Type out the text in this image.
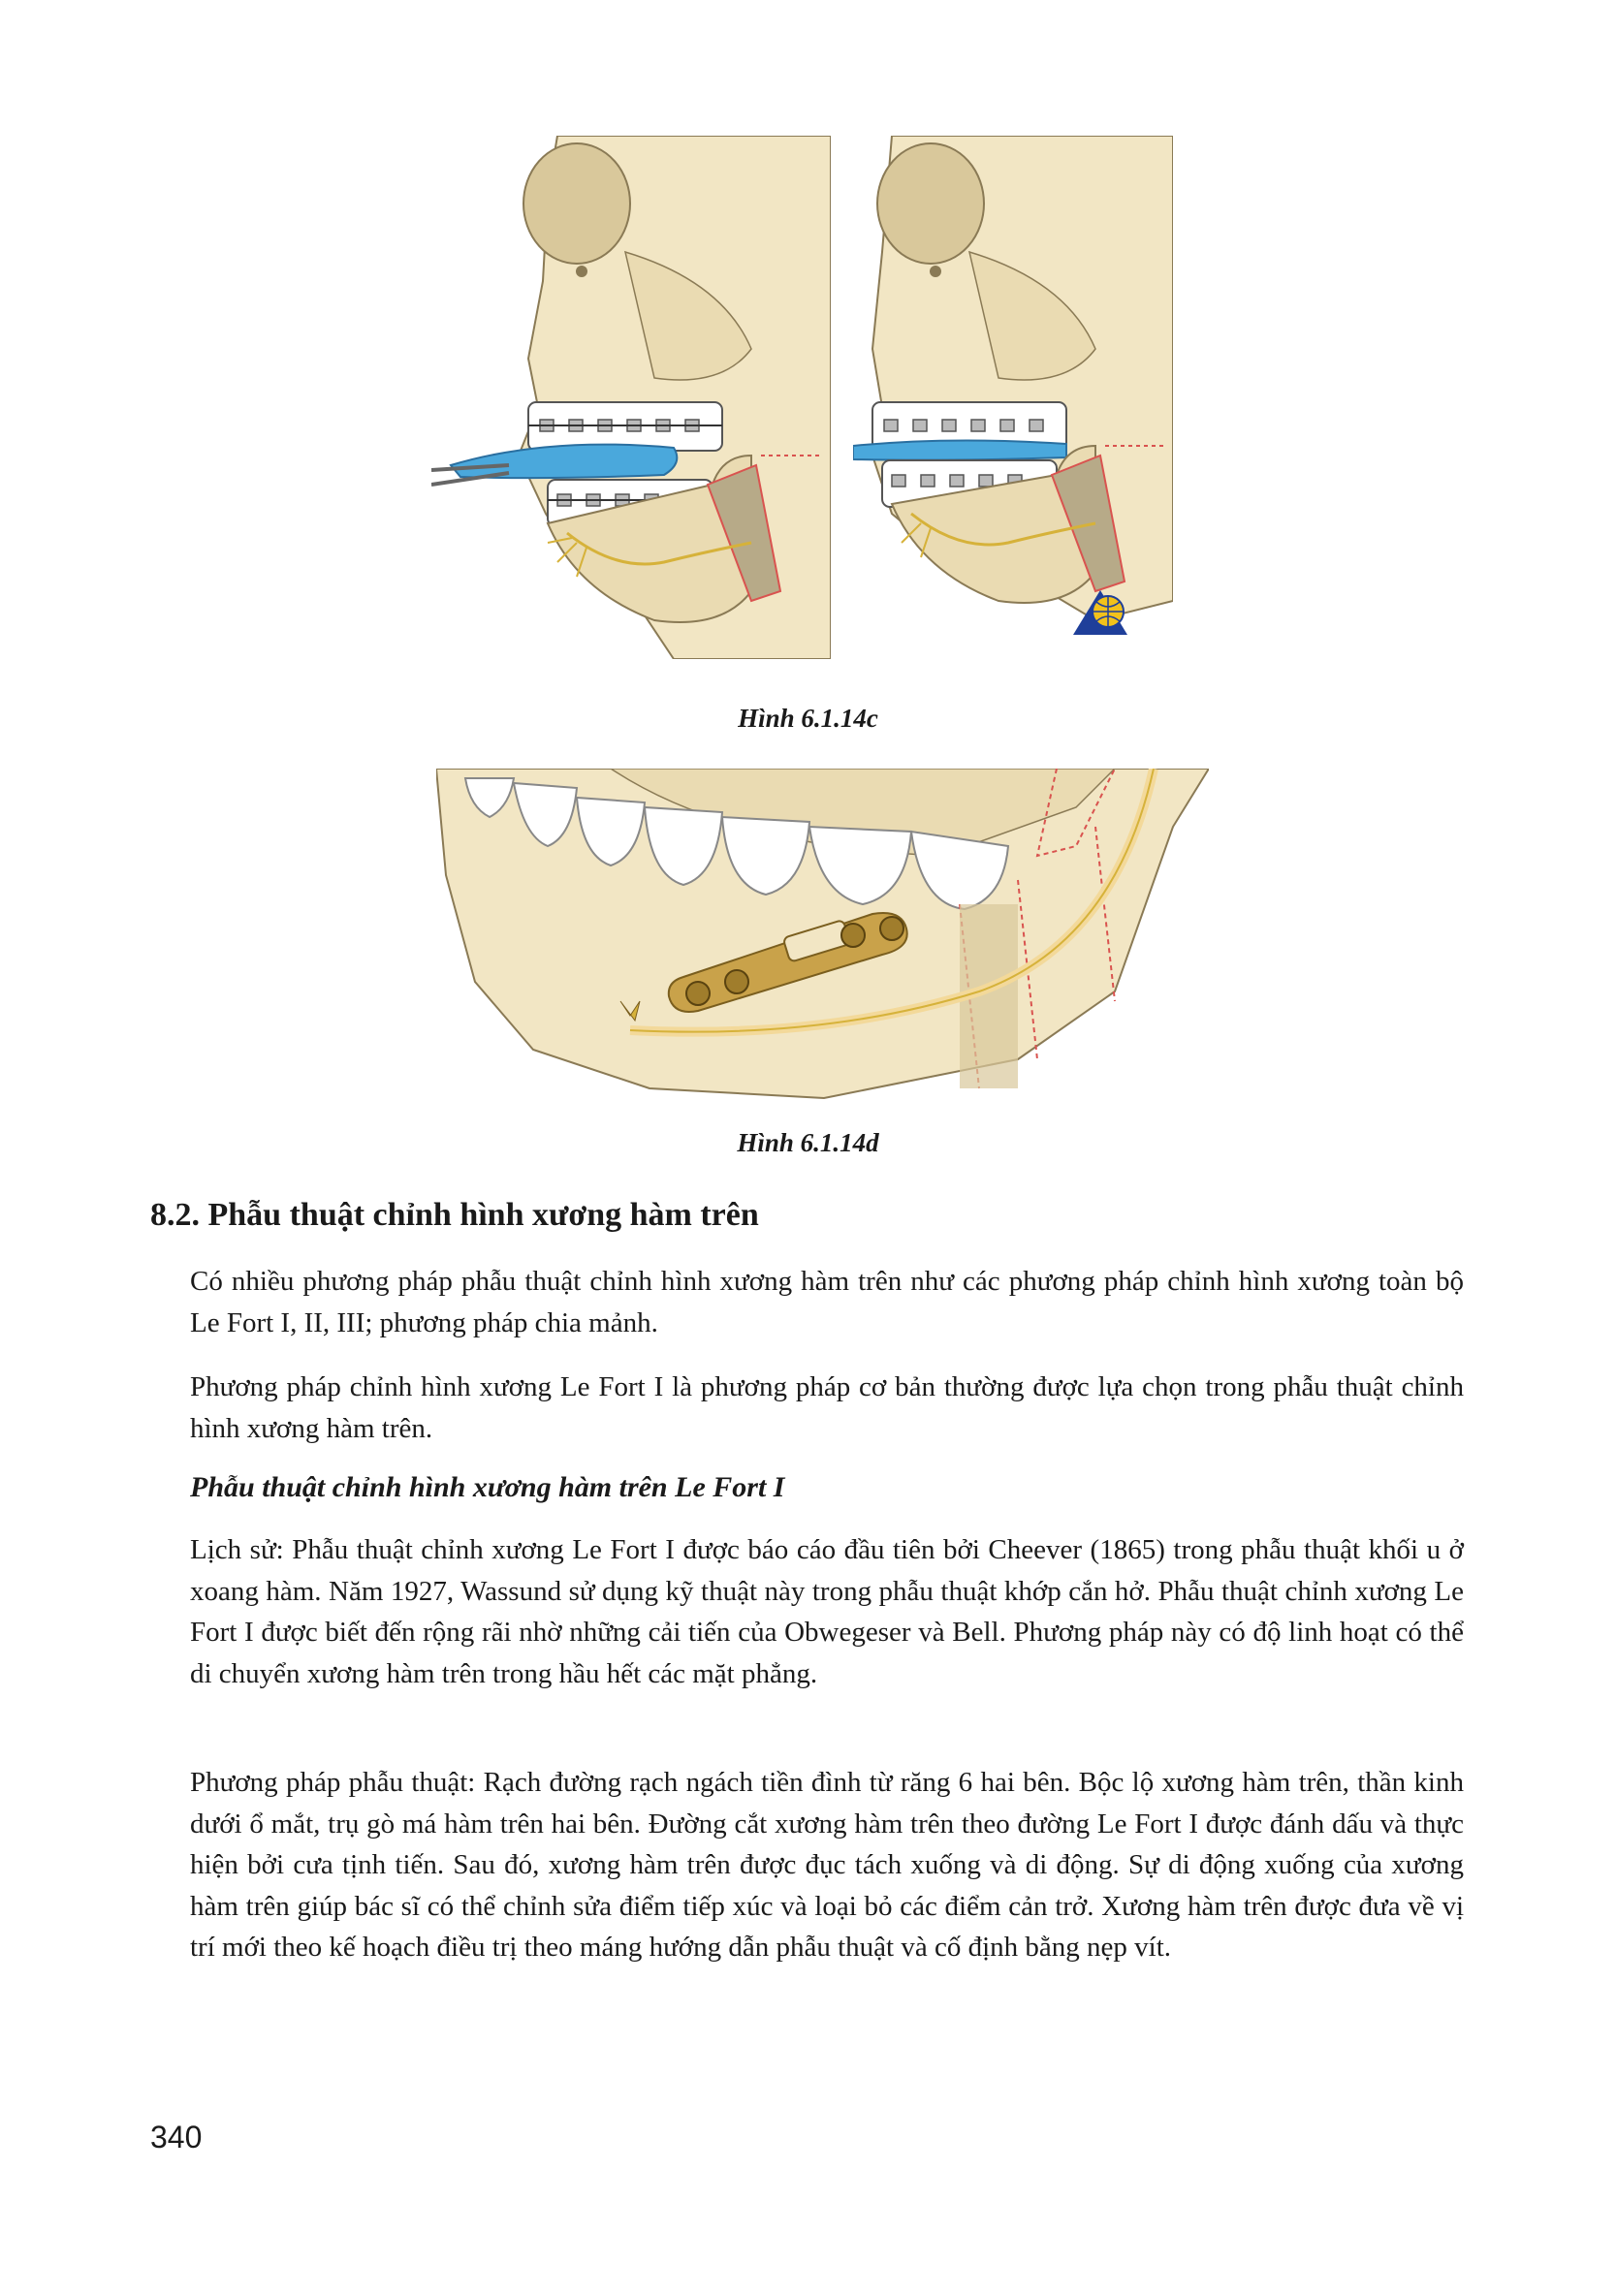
Hình 6.1.14c
Hình 6.1.14d
8.2. Phẫu thuật chỉnh hình xương hàm trên

Có nhiều phương pháp phẫu thuật chỉnh hình xương hàm trên như các phương pháp chỉnh hình xương toàn bộ Le Fort I, II, III; phương pháp chia mảnh.

Phương pháp chỉnh hình xương Le Fort I là phương pháp cơ bản thường được lựa chọn trong phẫu thuật chỉnh hình xương hàm trên.

Phẫu thuật chỉnh hình xương hàm trên Le Fort I

Lịch sử: Phẫu thuật chỉnh xương Le Fort I được báo cáo đầu tiên bởi Cheever (1865) trong phẫu thuật khối u ở xoang hàm. Năm 1927, Wassund sử dụng kỹ thuật này trong phẫu thuật khớp cắn hở. Phẫu thuật chỉnh xương Le Fort I được biết đến rộng rãi nhờ những cải tiến của Obwegeser và Bell. Phương pháp này có độ linh hoạt có thể di chuyển xương hàm trên trong hầu hết các mặt phẳng.

Phương pháp phẫu thuật: Rạch đường rạch ngách tiền đình từ răng 6 hai bên. Bộc lộ xương hàm trên, thần kinh dưới ổ mắt, trụ gò má hàm trên hai bên. Đường cắt xương hàm trên theo đường Le Fort I được đánh dấu và thực hiện bởi cưa tịnh tiến. Sau đó, xương hàm trên được đục tách xuống và di động. Sự di động xuống của xương hàm trên giúp bác sĩ có thể chỉnh sửa điểm tiếp xúc và loại bỏ các điểm cản trở. Xương hàm trên được đưa về vị trí mới theo kế hoạch điều trị theo máng hướng dẫn phẫu thuật và cố định bằng nẹp vít.

340
